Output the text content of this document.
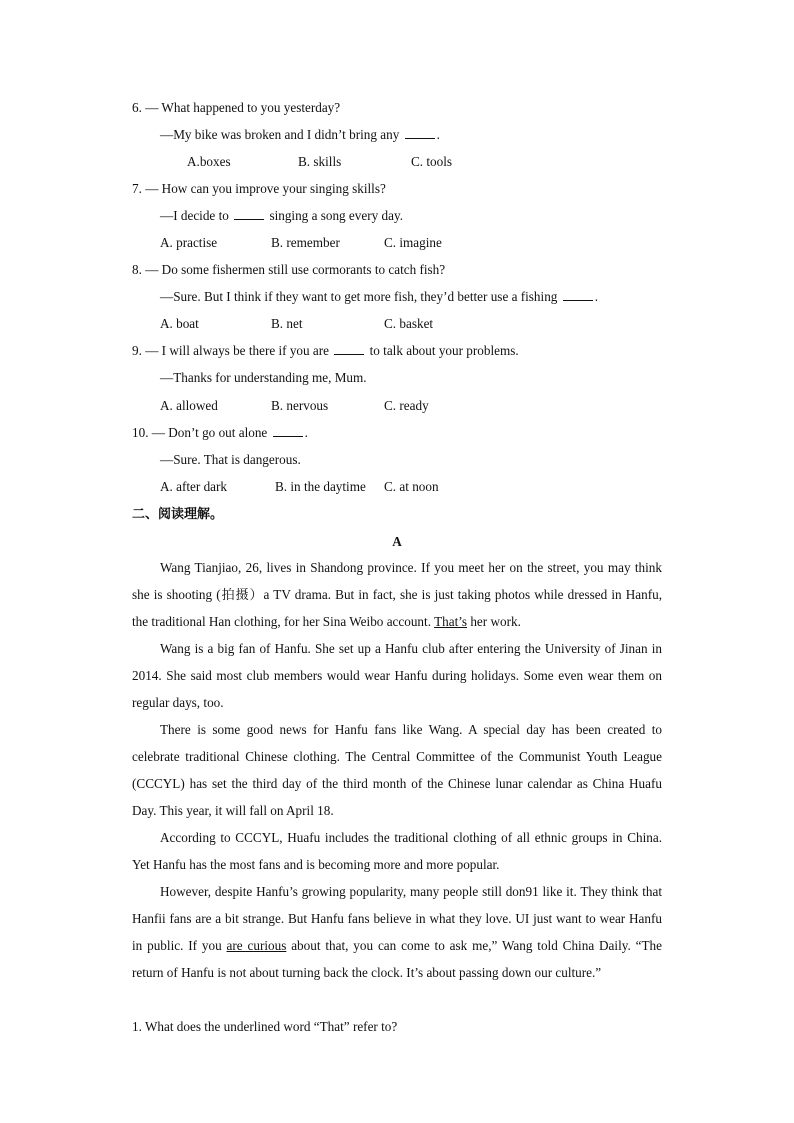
6. — What happened to you yesterday?
—My bike was broken and I didn’t bring any	.
A.boxes	B. skills	C. tools
7. — How can you improve your singing skills?
—I decide to	singing a song every day.
A. practise	B. remember	C. imagine
8. — Do some fishermen still use cormorants to catch fish?
—Sure. But I think if they want to get more fish, they’d better use a fishing	.
A. boat	B. net	C. basket
9. — I will always be there if you are	to talk about your problems.
—Thanks for understanding me, Mum.
A. allowed	B. nervous	C. ready
10. — Don’t go out alone	.
—Sure. That is dangerous.
A. after dark	B. in the daytime C. at noon
二、阅读理解。
A

Wang Tianjiao, 26, lives in Shandong province. If you meet her on the street, you may think she is shooting (拍摄）a TV drama. But in fact, she is just taking photos while dressed in Hanfu, the traditional Han clothing, for her Sina Weibo account. That’s her work.

Wang is a big fan of Hanfu. She set up a Hanfu club after entering the University of Jinan in 2014. She said most club members would wear Hanfu during holidays. Some even wear them on regular days, too.

There is some good news for Hanfu fans like Wang. A special day has been created to celebrate traditional Chinese clothing. The Central Committee of the Communist Youth League (CCCYL) has set the third day of the third month of the Chinese lunar calendar as China Huafu Day. This year, it will fall on April 18.

According to CCCYL, Huafu includes the traditional clothing of all ethnic groups in China. Yet Hanfu has the most fans and is becoming more and more popular.

However, despite Hanfu’s growing popularity, many people still don91 like it. They think that Hanfii fans are a bit strange. But Hanfu fans believe in what they love. UI just want to wear Hanfu in public. If you are curious about that, you can come to ask me,” Wang told China Daily. “The return of Hanfu is not about turning back the clock. It’s about passing down our culture.”

1. What does the underlined word “That” refer to?
